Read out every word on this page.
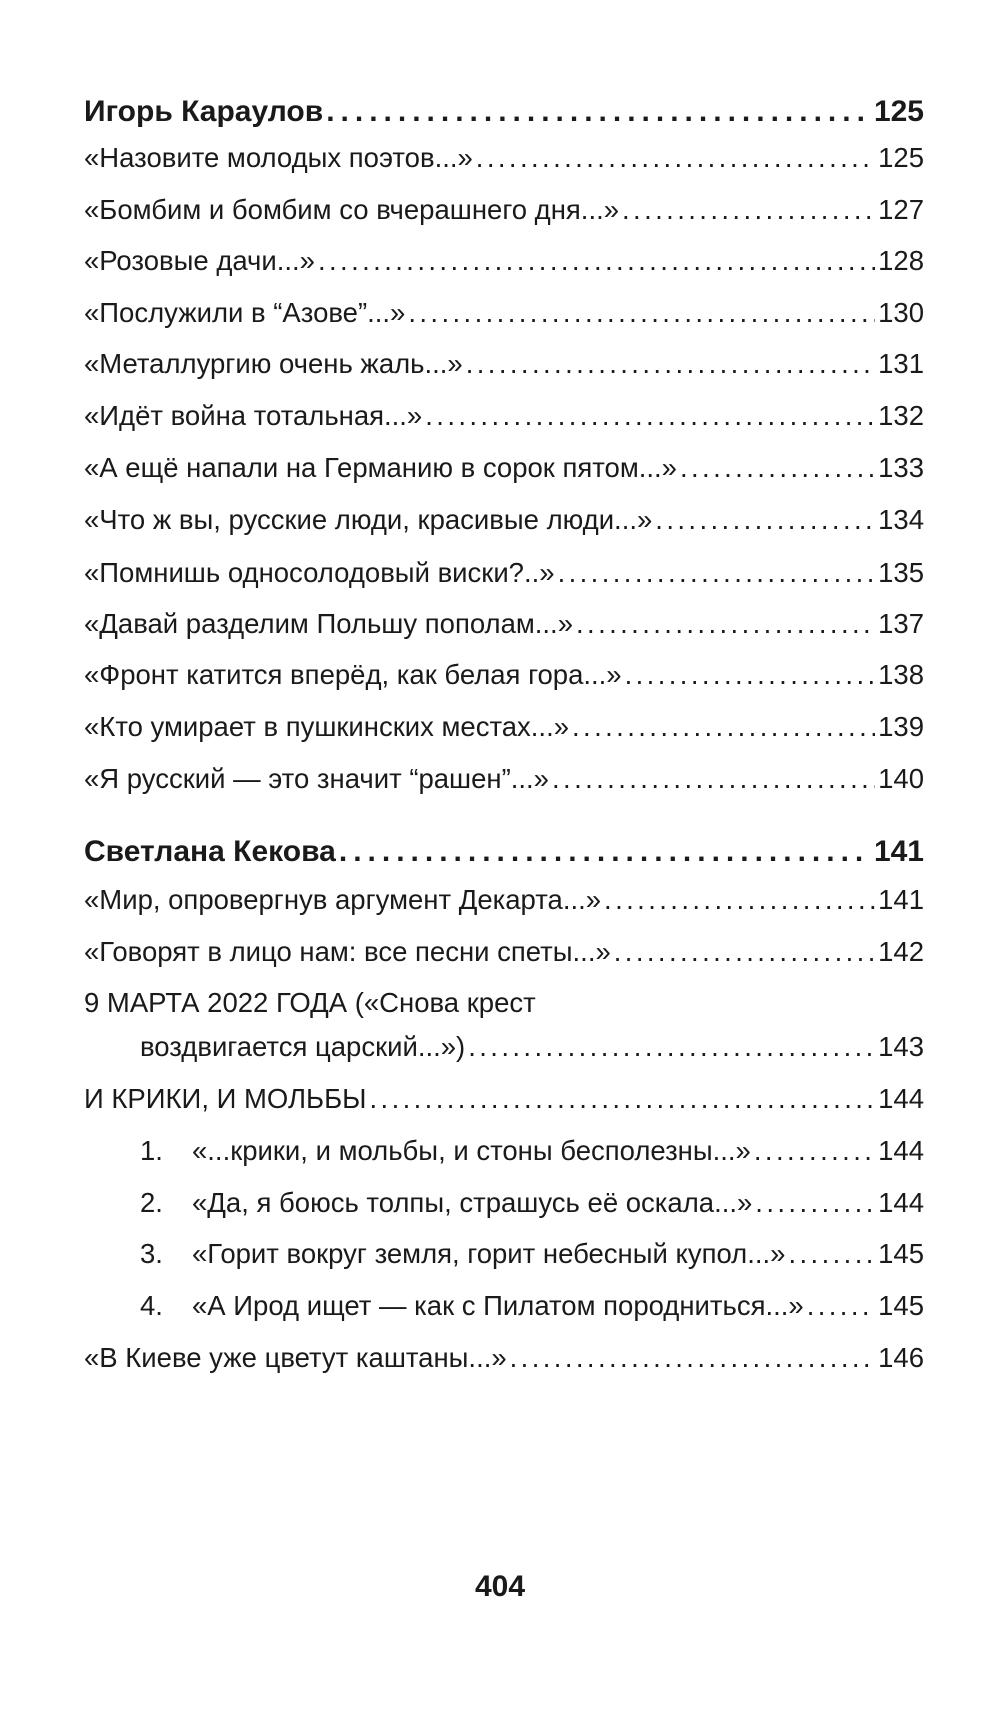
Игорь Караулов .....	125
«Назовите молодых поэтов...» .....	125
«Бомбим и бомбим со вчерашнего дня...» .....	127
«Розовые дачи...» .....	128
«Послужили в “Азове”...» .....	130
«Металлургию очень жаль...» .....	131
«Идёт война тотальная...» .....	132
«А ещё напали на Германию в сорок пятом...» .....	133
«Что ж вы, русские люди, красивые люди...» .....	134
«Помнишь односолодовый виски?..» .....	135
«Давай разделим Польшу пополам...» .....	137
«Фронт катится вперёд, как белая гора...» .....	138
«Кто умирает в пушкинских местах...» .....	139
«Я русский — это значит “рашен”...» .....	140
Светлана Кекова .....	141
«Мир, опровергнув аргумент Декарта...» .....	141
«Говорят в лицо нам: все песни спеты...» .....	142
9 МАРТА 2022 ГОДА («Снова крест
воздвигается царский...») .....	143
И КРИКИ, И МОЛЬБЫ .....	144
1.	«...крики, и мольбы, и стоны бесполезны...» .....	144
2.	«Да, я боюсь толпы, страшусь её оскала...» .....	144
3.	«Горит вокруг земля, горит небесный купол...» .....	145
4.	«А Ирод ищет — как с Пилатом породниться...» .....	145
«В Киеве уже цветут каштаны...» .....	146
404
